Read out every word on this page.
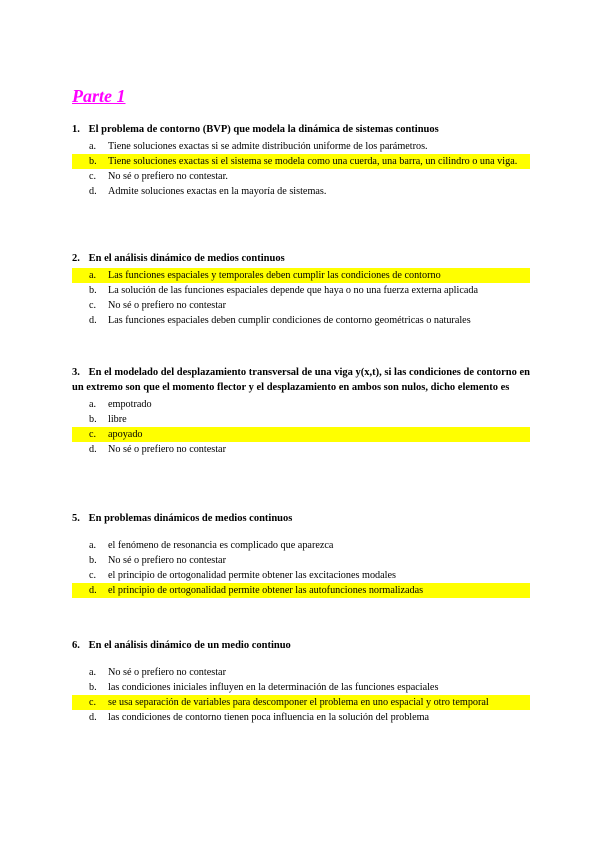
Parte 1
1. El problema de contorno (BVP) que modela la dinámica de sistemas continuos
a.	Tiene soluciones exactas si se admite distribución uniforme de los parámetros.
b.	Tiene soluciones exactas si el sistema se modela como una cuerda, una barra, un cilindro o una viga.
c.	No sé o prefiero no contestar.
d.	Admite soluciones exactas en la mayoría de sistemas.
2. En el análisis dinámico de medios continuos
a.	Las funciones espaciales y temporales deben cumplir las condiciones de contorno
b.	La solución de las funciones espaciales depende que haya o no una fuerza externa aplicada
c.	No sé o prefiero no contestar
d.	Las funciones espaciales deben cumplir condiciones de contorno geométricas o naturales
3. En el modelado del desplazamiento transversal de una viga y(x,t), si las condiciones de contorno en un extremo son que el momento flector y el desplazamiento en ambos son nulos, dicho elemento es
a.	empotrado
b.	libre
c.	apoyado
d.	No sé o prefiero no contestar
5. En problemas dinámicos de medios continuos
a.	el fenómeno de resonancia es complicado que aparezca
b.	No sé o prefiero no contestar
c.	el principio de ortogonalidad permite obtener las excitaciones modales
d.	el principio de ortogonalidad permite obtener las autofunciones normalizadas
6. En el análisis dinámico de un medio continuo
a.	No sé o prefiero no contestar
b.	las condiciones iniciales influyen en la determinación de las funciones espaciales
c.	se usa separación de variables para descomponer el problema en uno espacial y otro temporal
d.	las condiciones de contorno tienen poca influencia en la solución del problema
